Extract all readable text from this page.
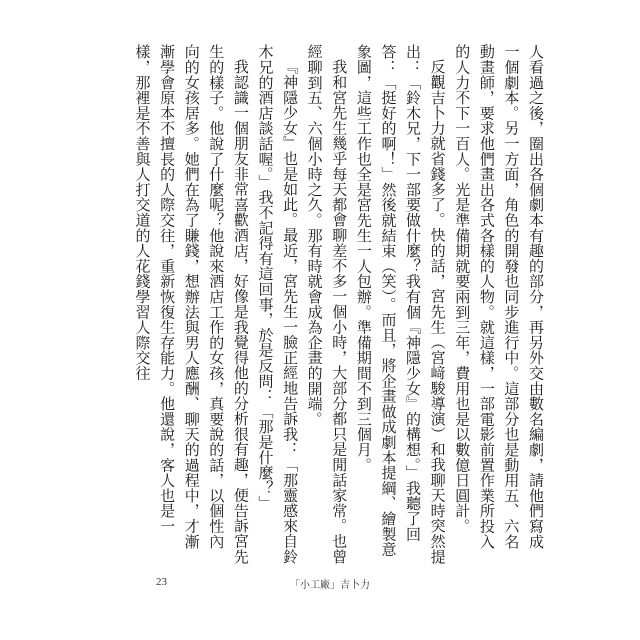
人看過之後，圈出各個劇本有趣的部分，再另外交由數名編劇，請他們寫成一個劇本。另一方面，角色的開發也同步進行中。這部分也是動用五、六名動畫師，要求他們畫出各式各樣的人物。就這樣，一部電影前置作業所投入的人力不下一百人。光是準備期就要兩到三年，費用也是以數億日圓計。

反觀吉卜力就省錢多了。快的話，宮先生（宮﨑駿導演）和我聊天時突然提出：「鈴木兄，下一部要做什麼？我有個『神隱少女』的構想。」我聽了回答：「挺好的啊！」然後就結束（笑）。而且，將企畫做成劇本提綱、繪製意象圖，這些工作也全是宮先生一人包辦。準備期間不到三個月。

我和宮先生幾乎每天都會聊差不多一個小時，大部分都只是閒話家常。也曾經聊到五、六個小時之久。那有時就會成為企畫的開端。

『神隱少女』也是如此。最近，宮先生一臉正經地告訴我：「那靈感來自鈴木兄的酒店談話喔。」我不記得有這回事，於是反問：「那是什麼？」

我認識一個朋友非常喜歡酒店，好像是我覺得他的分析很有趣，便告訴宮先生的樣子。他說了什麼呢？他說來酒店工作的女孩，真要說的話，以個性內向的女孩居多。她們在為了賺錢，想辦法與男人應酬、聊天的過程中，才漸漸學會原本不擅長的人際交往，重新恢復生存能力。他還說，客人也是一樣，那裡是不善與人打交道的人花錢學習人際交往

23	「小工廠」吉卜力
